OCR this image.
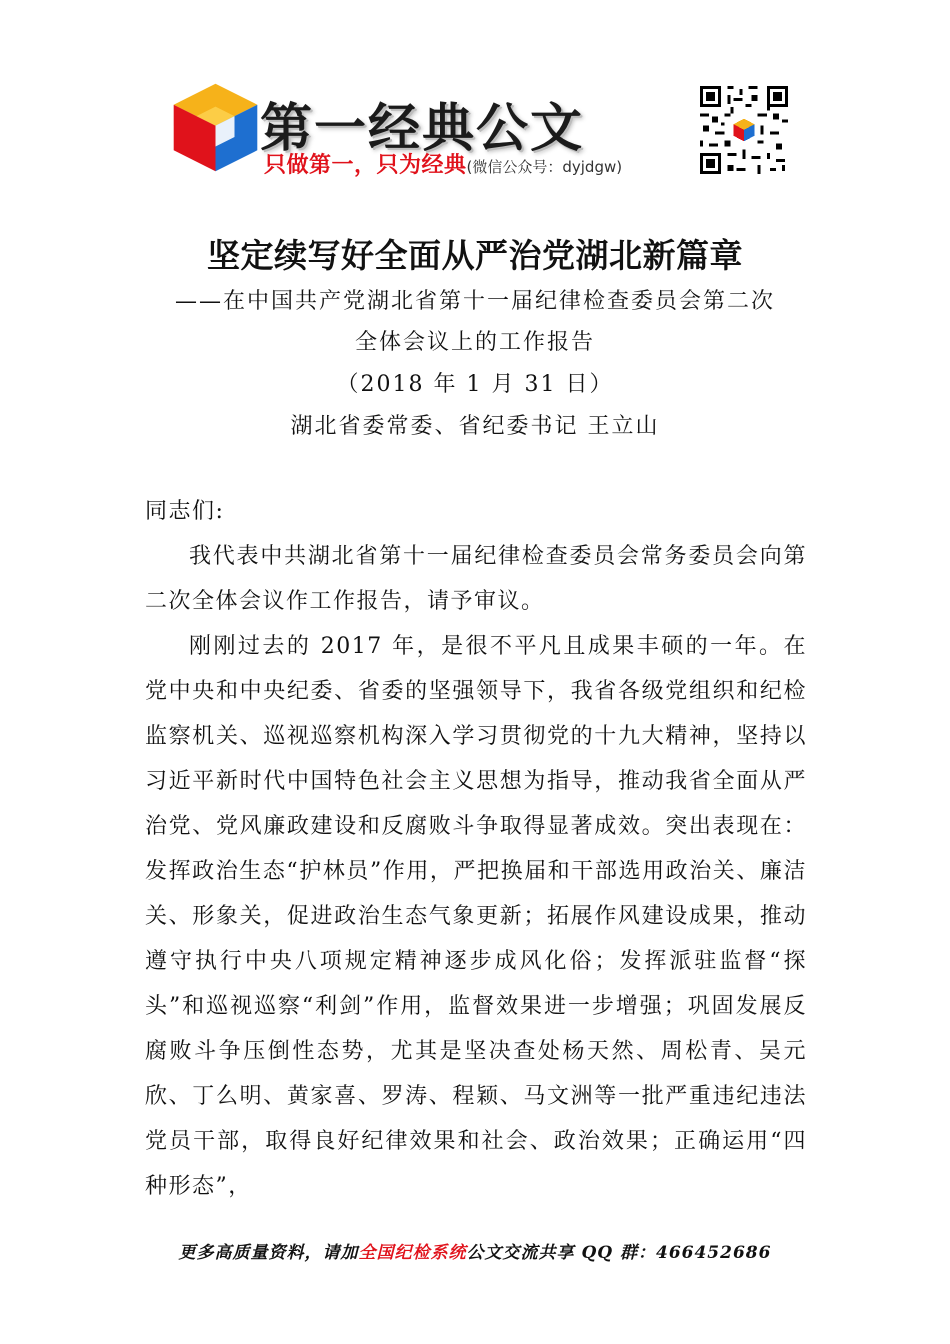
第一经典公文
只做第一，只为经典(微信公众号：dyjdgw)
坚定续写好全面从严治党湖北新篇章
——在中国共产党湖北省第十一届纪律检查委员会第二次
全体会议上的工作报告
（2018 年 1 月 31 日）
湖北省委常委、省纪委书记 王立山

同志们:

我代表中共湖北省第十一届纪律检查委员会常务委员会向第二次全体会议作工作报告，请予审议。

刚刚过去的 2017 年，是很不平凡且成果丰硕的一年。在党中央和中央纪委、省委的坚强领导下，我省各级党组织和纪检监察机关、巡视巡察机构深入学习贯彻党的十九大精神，坚持以习近平新时代中国特色社会主义思想为指导，推动我省全面从严治党、党风廉政建设和反腐败斗争取得显著成效。突出表现在：发挥政治生态“护林员”作用，严把换届和干部选用政治关、廉洁关、形象关，促进政治生态气象更新；拓展作风建设成果，推动遵守执行中央八项规定精神逐步成风化俗；发挥派驻监督“探头”和巡视巡察“利剑”作用，监督效果进一步增强；巩固发展反腐败斗争压倒性态势，尤其是坚决查处杨天然、周松青、吴元欣、丁么明、黄家喜、罗涛、程颖、马文洲等一批严重违纪违法党员干部，取得良好纪律效果和社会、政治效果；正确运用“四种形态”，

更多高质量资料，请加全国纪检系统公文交流共享 QQ 群：466452686
